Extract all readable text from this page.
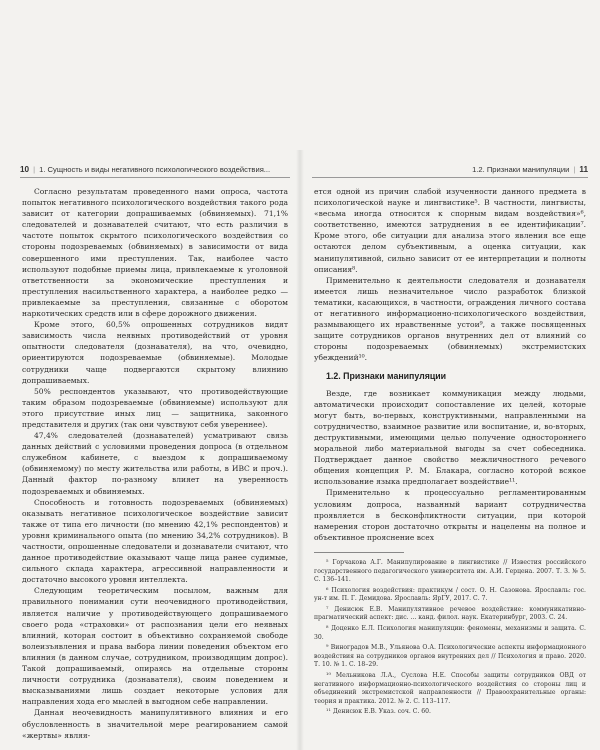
10 | 1. Сущность и виды негативного психологического воздействия...	1.2. Признаки манипуляции | 11

Согласно результатам проведенного нами опроса, частота попыток негативного психологического воздействия такого рода зависит от категории допрашиваемых (обвиняемых). 71,1% следователей и дознавателей считают, что есть различия в частоте попыток скрытого психологического воздействия со стороны подозреваемых (обвиняемых) в зависимости от вида совершенного ими преступления. Так, наиболее часто используют подобные приемы лица, привлекаемые к уголовной ответственности за экономические преступления и преступления насильственного характера, а наиболее редко — привлекаемые за преступления, связанные с оборотом наркотических средств или в сфере дорожного движения.

Кроме этого, 60,5% опрошенных сотрудников видят зависимость числа неявных противодействий от уровня опытности следователя (дознавателя), на что, очевидно, ориентируются подозреваемые (обвиняемые). Молодые сотрудники чаще подвергаются скрытому влиянию допрашиваемых.

50% респондентов указывают, что противодействующие таким образом подозреваемые (обвиняемые) используют для этого присутствие иных лиц — защитника, законного представителя и других (так они чувствуют себя увереннее).

47,4% следователей (дознавателей) усматривают связь данных действий с условиями проведения допроса (в отдельном служебном кабинете, с выездом к допрашиваемому (обвиняемому) по месту жительства или работы, в ИВС и проч.). Данный фактор по-разному влияет на уверенность подозреваемых и обвиняемых.

Способность и готовность подозреваемых (обвиняемых) оказывать негативное психологическое воздействие зависит также от типа его личности (по мнению 42,1% респондентов) и уровня криминального опыта (по мнению 34,2% сотрудников). В частности, опрошенные следователи и дознаватели считают, что данное противодействие оказывают чаще лица ранее судимые, сильного склада характера, агрессивной направленности и достаточно высокого уровня интеллекта.

Следующим теоретическим посылом, важным для правильного понимания сути неочевидного противодействия, является наличие у противодействующего допрашиваемого своего рода «страховки» от распознания цели его неявных влияний, которая состоит в объективно сохраняемой свободе волеизъявления и права выбора линии поведения объектом его влияния (в данном случае, сотрудником, производящим допрос). Такой допрашиваемый, опираясь на отдельные стороны личности сотрудника (дознавателя), своим поведением и высказываниями лишь создает некоторые условия для направления хода его мыслей в выгодном себе направлении.

Данная неочевидность манипулятивного влияния и его обусловленность в значительной мере реагированием самой «жертвы» являя-

ется одной из причин слабой изученности данного предмета в психологической науке и лингвистике⁵. В частности, лингвисты, «весьма иногда относятся к спорным видам воздействия»⁶, соответственно, имеются затруднения в ее идентификации⁷. Кроме этого, обе ситуации для анализа этого явления все еще остаются делом субъективным, а оценка ситуации, как манипулятивной, сильно зависит от ее интерпретации и полноты описания⁸.

Применительно к деятельности следователя и дознавателя имеется лишь незначительное число разработок близкой тематики, касающихся, в частности, ограждения личного состава от негативного информационно-психологического воздействия, размывающего их нравственные устои⁹, а также посвященных защите сотрудников органов внутренних дел от влияний со стороны подозреваемых (обвиняемых) экстремистских убеждений¹⁰.

1.2. Признаки манипуляции

Везде, где возникает коммуникация между людьми, автоматически происходит сопоставление их целей, которые могут быть, во-первых, конструктивными, направленными на сотрудничество, взаимное развитие или воспитание, и, во-вторых, деструктивными, имеющими целью получение одностороннего моральной либо материальной выгоды за счет собеседника. Подтверждает данное свойство межличностного речевого общения концепция Р. М. Блакара, согласно которой всякое использование языка предполагает воздействие¹¹.

Применительно к процессуально регламентированным условиям допроса, названный вариант сотрудничества проявляется в бесконфликтности ситуации, при которой намерения сторон достаточно открыты и нацелены на полное и объективное прояснение всех

⁵ Горчакова А.Г. Манипулирование в лингвистике // Известия российского государственного педагогического университета им. А.И. Герцена. 2007. Т. 3. № 5. С. 136–141.

⁶ Психология воздействия: практикум / сост. О. Н. Сазонова. Ярославль: гос. ун-т им. П. Г. Демидова. Ярославль: ЯрГУ, 2017. С. 7.

⁷ Денисюк Е.В. Манипулятивное речевое воздействие: коммуникативно-прагматический аспект: дис. ... канд. филол. наук. Екатеринбург, 2003. С. 24.

⁸ Доценко Е.Л. Психология манипуляции: феномены, механизмы и защита. С. 30.

⁹ Виноградов М.В., Ульянова О.А. Психологические аспекты информационного воздействия на сотрудников органов внутренних дел // Психология и право. 2020. Т. 10. № 1. С. 18–29.

¹⁰ Мельникова Л.А., Суслова Н.Е. Способы защиты сотрудников ОВД от негативного информационно-психологического воздействия со стороны лиц и объединений экстремистской направленности // Правоохранительные органы: теория и практика. 2012. № 2. С. 113–117.

¹¹ Денисюк Е.В. Указ. соч. С. 60.
